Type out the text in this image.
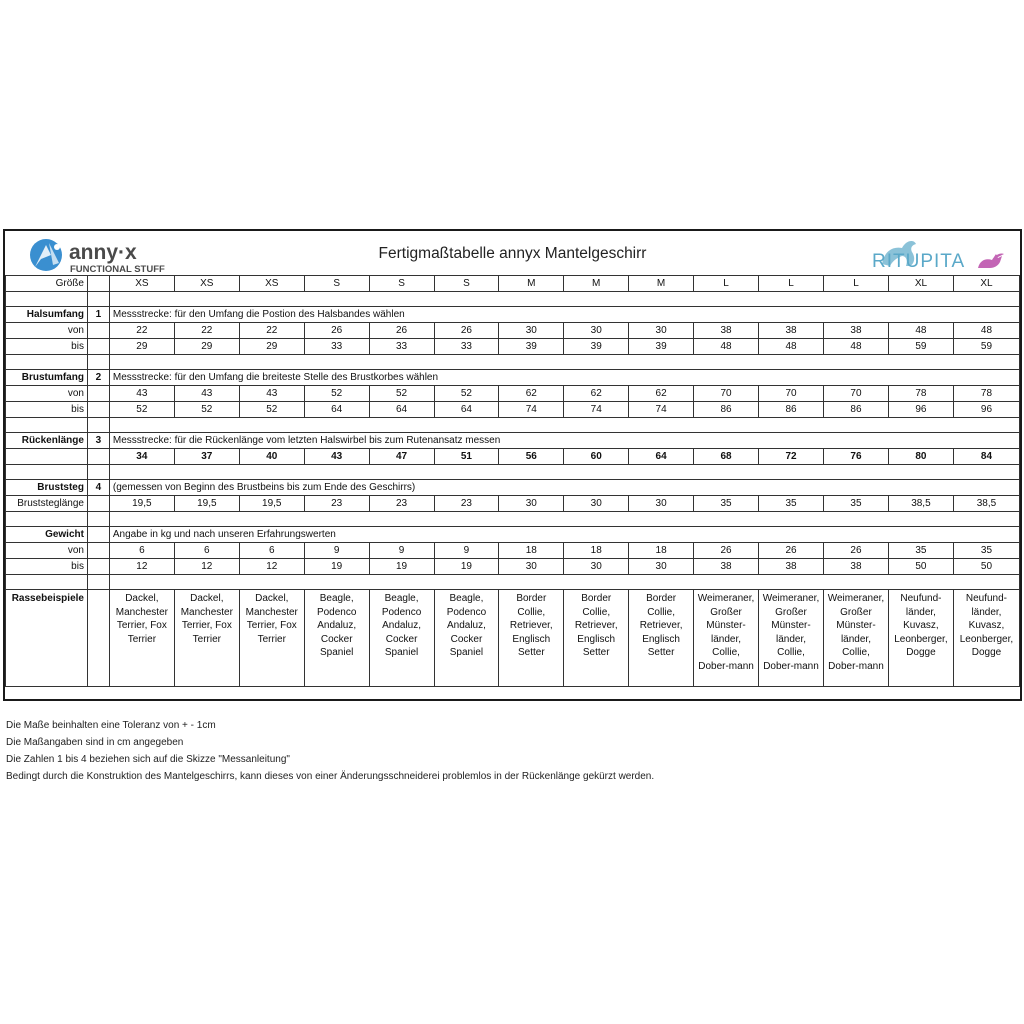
anny·x
FUNCTIONAL STUFF
Fertigmaßtabelle annyx Mantelgeschirr	RITUPITA
Größe		XS	XS	XS	S	S	S	M	M	M	L	L	L	XL	XL

Halsumfang	1	Messstrecke: für den Umfang die Postion des Halsbandes wählen													
von		22	22	22	26	26	26	30	30	30	38	38	38	48	48
bis		29	29	29	33	33	33	39	39	39	48	48	48	59	59

Brustumfang	2	Messstrecke: für den Umfang die breiteste Stelle des Brustkorbes wählen													
von		43	43	43	52	52	52	62	62	62	70	70	70	78	78
bis		52	52	52	64	64	64	74	74	74	86	86	86	96	96

Rückenlänge	3	Messstrecke: für die Rückenlänge vom letzten Halswirbel bis zum Rutenansatz messen													
		34	37	40	43	47	51	56	60	64	68	72	76	80	84

Bruststeg	4	(gemessen von Beginn des Brustbeins bis zum Ende des Geschirrs)													
Bruststeglänge		19,5	19,5	19,5	23	23	23	30	30	30	35	35	35	38,5	38,5

Gewicht		Angabe in kg und nach unseren Erfahrungswerten													
von		6	6	6	9	9	9	18	18	18	26	26	26	35	35
bis		12	12	12	19	19	19	30	30	30	38	38	38	50	50

Rassebeispiele		Dackel, Manchester Terrier, Fox Terrier	Dackel, Manchester Terrier, Fox Terrier	Dackel, Manchester Terrier, Fox Terrier	Beagle, Podenco Andaluz, Cocker Spaniel	Beagle, Podenco Andaluz, Cocker Spaniel	Beagle, Podenco Andaluz, Cocker Spaniel	Border Collie, Retriever, Englisch Setter	Border Collie, Retriever, Englisch Setter	Border Collie, Retriever, Englisch Setter	Weimeraner, Großer Münster-länder, Collie, Dober-mann	Weimeraner, Großer Münster-länder, Collie, Dober-mann	Weimeraner, Großer Münster-länder, Collie, Dober-mann	Neufund-länder, Kuvasz, Leonberger, Dogge	Neufund-länder, Kuvasz, Leonberger, Dogge
Die Maße beinhalten eine Toleranz von + - 1cm
Die Maßangaben sind in cm angegeben
Die Zahlen 1 bis 4 beziehen sich auf die Skizze "Messanleitung"
Bedingt durch die Konstruktion des Mantelgeschirrs, kann dieses von einer Änderungsschneiderei problemlos in der Rückenlänge gekürzt werden.
